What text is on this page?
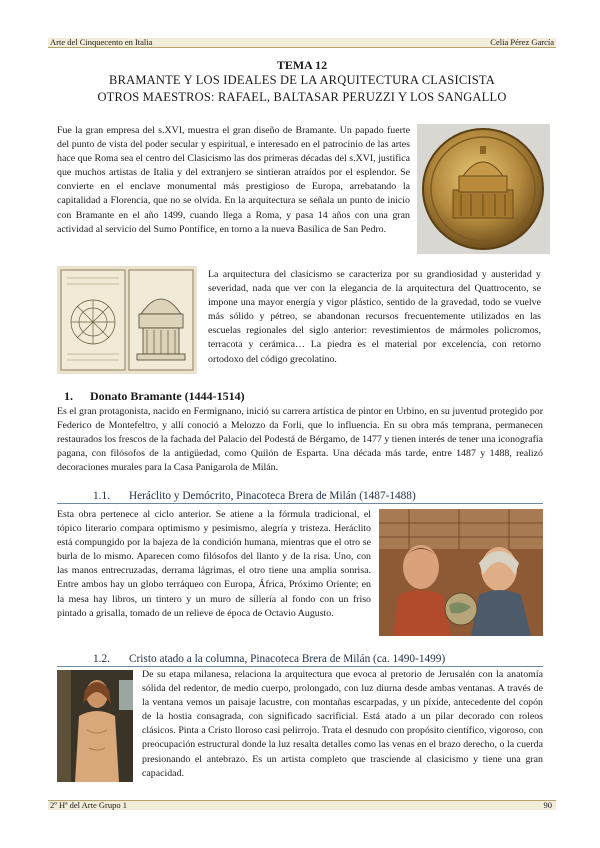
Arte del Cinquecento en Italia	Celia Pérez García
TEMA 12
BRAMANTE Y LOS IDEALES DE LA ARQUITECTURA CLASICISTA
OTROS MAESTROS: RAFAEL, BALTASAR PERUZZI Y LOS SANGALLO

Fue la gran empresa del s.XVI, muestra el gran diseño de Bramante. Un papado fuerte del punto de vista del poder secular y espiritual, e interesado en el patrocinio de las artes hace que Roma sea el centro del Clasicismo las dos primeras décadas del s.XVI, justifica que muchos artistas de Italia y del extranjero se sintieran atraídos por el esplendor. Se convierte en el enclave monumental más prestigioso de Europa, arrebatando la capitalidad a Florencia, que no se olvida. En la arquitectura se señala un punto de inicio con Bramante en el año 1499, cuando llega a Roma, y pasa 14 años con una gran actividad al servicio del Sumo Pontífice, en torno a la nueva Basílica de San Pedro.

La arquitectura del clasicismo se caracteriza por su grandiosidad y austeridad y severidad, nada que ver con la elegancia de la arquitectura del Quattrocento, se impone una mayor energía y vigor plástico, sentido de la gravedad, todo se vuelve más sólido y pétreo, se abandonan recursos frecuentemente utilizados en las escuelas regionales del siglo anterior: revestimientos de mármoles policromos, terracota y cerámica… La piedra es el material por excelencia, con retorno ortodoxo del código grecolatino.

1. Donato Bramante (1444-1514)

Es el gran protagonista, nacido en Fermignano, inició su carrera artística de pintor en Urbino, en su juventud protegido por Federico de Montefeltro, y allí conoció a Melozzo da Forli, que lo influencia. En su obra más temprana, permanecen restaurados los frescos de la fachada del Palacio del Podestá de Bérgamo, de 1477 y tienen interés de tener una iconografía pagana, con filósofos de la antigüedad, como Quilón de Esparta. Una década más tarde, entre 1487 y 1488, realizó decoraciones murales para la Casa Panigarola de Milán.

1.1. Heráclito y Demócrito, Pinacoteca Brera de Milán (1487-1488)

Esta obra pertenece al ciclo anterior. Se atiene a la fórmula tradicional, el tópico literario compara optimismo y pesimismo, alegría y tristeza. Heráclito está compungido por la bajeza de la condición humana, mientras que el otro se burla de lo mismo. Aparecen como filósofos del llanto y de la risa. Uno, con las manos entrecruzadas, derrama lágrimas, el otro tiene una amplia sonrisa. Entre ambos hay un globo terráqueo con Europa, África, Próximo Oriente; en la mesa hay libros, un tintero y un muro de sillería al fondo con un friso pintado a grisalla, tomado de un relieve de época de Octavio Augusto.

1.2. Cristo atado a la columna, Pinacoteca Brera de Milán (ca. 1490-1499)

De su etapa milanesa, relaciona la arquitectura que evoca al pretorio de Jerusalén con la anatomía sólida del redentor, de medio cuerpo, prolongado, con luz diurna desde ambas ventanas. A través de la ventana vemos un paisaje lacustre, con montañas escarpadas, y un píxide, antecedente del copón de la hostia consagrada, con significado sacrificial. Está atado a un pilar decorado con roleos clásicos. Pinta a Cristo lloroso casi pelirrojo. Trata el desnudo con propósito científico, vigoroso, con preocupación estructural donde la luz resalta detalles como las venas en el brazo derecho, o la cuerda presionando el antebrazo. Es un artista completo que trasciende al clasicismo y tiene una gran capacidad.

2º Hª del Arte Grupo 1	90
